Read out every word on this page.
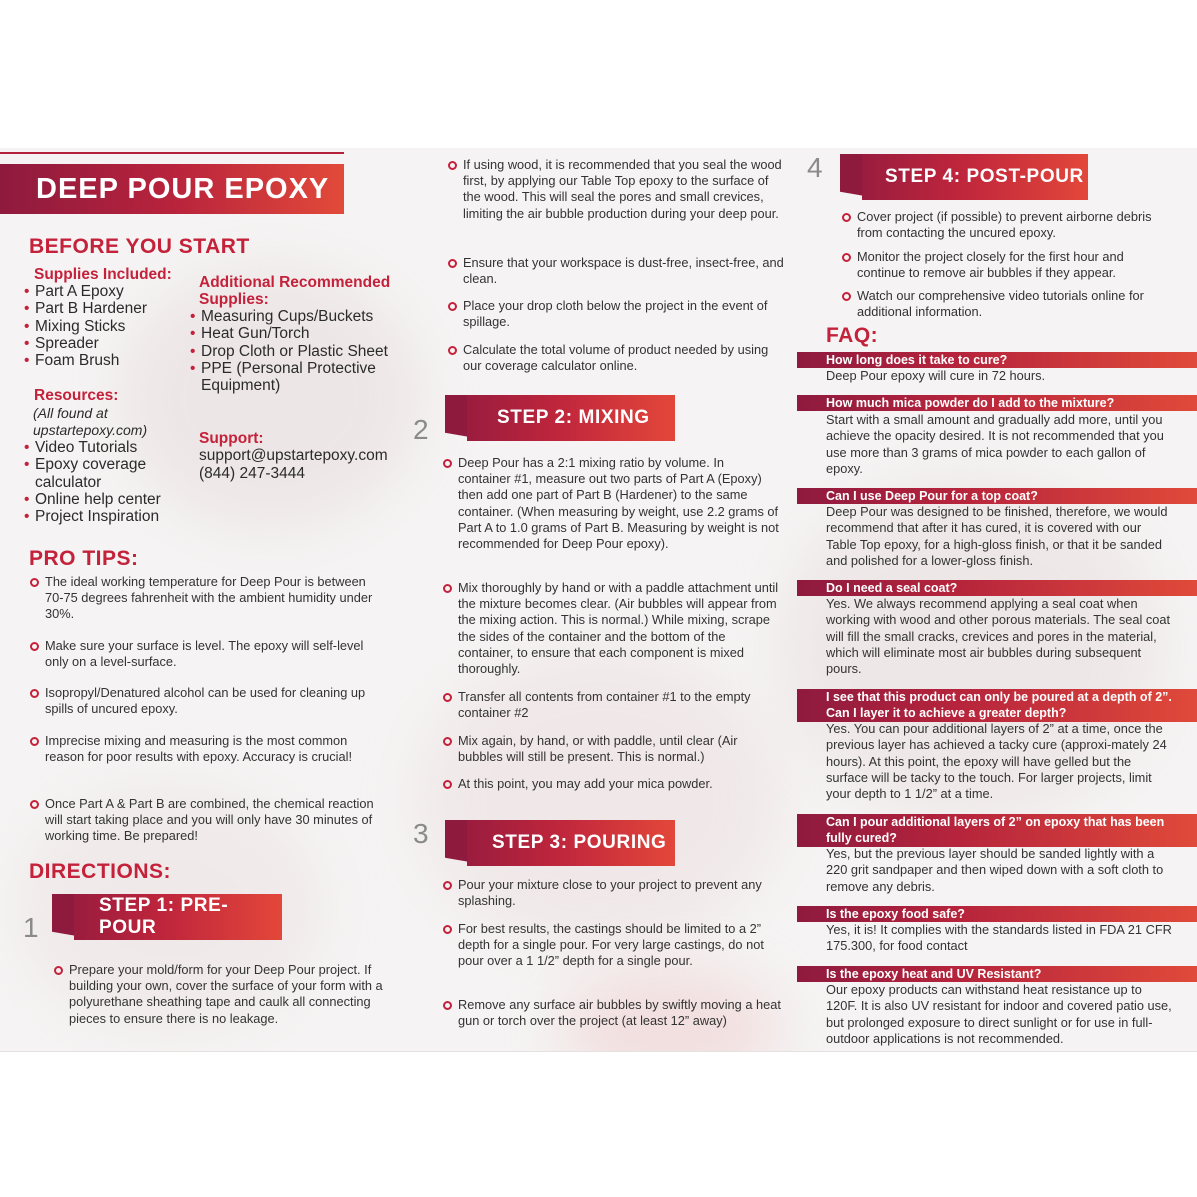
DEEP POUR EPOXY
BEFORE YOU START
Supplies Included:
• Part A Epoxy
• Part B Hardener
• Mixing Sticks
• Spreader
• Foam Brush
Additional Recommended Supplies:
• Measuring Cups/Buckets
• Heat Gun/Torch
• Drop Cloth or Plastic Sheet
• PPE (Personal Protective Equipment)
Resources:
(All found at upstartepoxy.com)
• Video Tutorials
• Epoxy coverage calculator
• Online help center
• Project Inspiration
Support:
support@upstartepoxy.com
(844) 247-3444
PRO TIPS:
The ideal working temperature for Deep Pour is between 70-75 degrees fahrenheit with the ambient humidity under 30%.
Make sure your surface is level. The epoxy will self-level only on a level-surface.
Isopropyl/Denatured alcohol can be used for cleaning up spills of uncured epoxy.
Imprecise mixing and measuring is the most common reason for poor results with epoxy. Accuracy is crucial!
Once Part A & Part B are combined, the chemical reaction will start taking place and you will only have 30 minutes of working time. Be prepared!
DIRECTIONS:
1
STEP 1: PRE-POUR
Prepare your mold/form for your Deep Pour project. If building your own, cover the surface of your form with a polyurethane sheathing tape and caulk all connecting pieces to ensure there is no leakage.
If using wood, it is recommended that you seal the wood first, by applying our Table Top epoxy to the surface of the wood. This will seal the pores and small crevices, limiting the air bubble production during your deep pour.
Ensure that your workspace is dust-free, insect-free, and clean.
Place your drop cloth below the project in the event of spillage.
Calculate the total volume of product needed by using our coverage calculator online.
2	STEP 2: MIXING
Deep Pour has a 2:1 mixing ratio by volume. In container #1, measure out two parts of Part A (Epoxy) then add one part of Part B (Hardener) to the same container. (When measuring by weight, use 2.2 grams of Part A to 1.0 grams of Part B. Measuring by weight is not recommended for Deep Pour epoxy).
Mix thoroughly by hand or with a paddle attachment until the mixture becomes clear. (Air bubbles will appear from the mixing action. This is normal.) While mixing, scrape the sides of the container and the bottom of the container, to ensure that each component is mixed thoroughly.
Transfer all contents from container #1 to the empty container #2
Mix again, by hand, or with paddle, until clear (Air bubbles will still be present. This is normal.)
At this point, you may add your mica powder.
3	STEP 3: POURING
Pour your mixture close to your project to prevent any splashing.
For best results, the castings should be limited to a 2” depth for a single pour. For very large castings, do not pour over a 1 1/2” depth for a single pour.
Remove any surface air bubbles by swiftly moving a heat gun or torch over the project (at least 12” away)
4	STEP 4: POST-POUR
Cover project (if possible) to prevent airborne debris from contacting the uncured epoxy.
Monitor the project closely for the first hour and continue to remove air bubbles if they appear.
Watch our comprehensive video tutorials online for additional information.
FAQ:
How long does it take to cure?
Deep Pour epoxy will cure in 72 hours.
How much mica powder do I add to the mixture?
Start with a small amount and gradually add more, until you achieve the opacity desired. It is not recommended that you use more than 3 grams of mica powder to each gallon of epoxy.
Can I use Deep Pour for a top coat?
Deep Pour was designed to be finished, therefore, we would recommend that after it has cured, it is covered with our Table Top epoxy, for a high-gloss finish, or that it be sanded and polished for a lower-gloss finish.
Do I need a seal coat?
Yes. We always recommend applying a seal coat when working with wood and other porous materials. The seal coat will fill the small cracks, crevices and pores in the material, which will eliminate most air bubbles during subsequent pours.
I see that this product can only be poured at a depth of 2”. Can I layer it to achieve a greater depth?
Yes. You can pour additional layers of 2” at a time, once the previous layer has achieved a tacky cure (approxi-mately 24 hours). At this point, the epoxy will have gelled but the surface will be tacky to the touch. For larger projects, limit your depth to 1 1/2” at a time.
Can I pour additional layers of 2” on epoxy that has been fully cured?
Yes, but the previous layer should be sanded lightly with a 220 grit sandpaper and then wiped down with a soft cloth to remove any debris.
Is the epoxy food safe?
Yes, it is! It complies with the standards listed in FDA 21 CFR 175.300, for food contact
Is the epoxy heat and UV Resistant?
Our epoxy products can withstand heat resistance up to 120F. It is also UV resistant for indoor and covered patio use, but prolonged exposure to direct sunlight or for use in full-outdoor applications is not recommended.
